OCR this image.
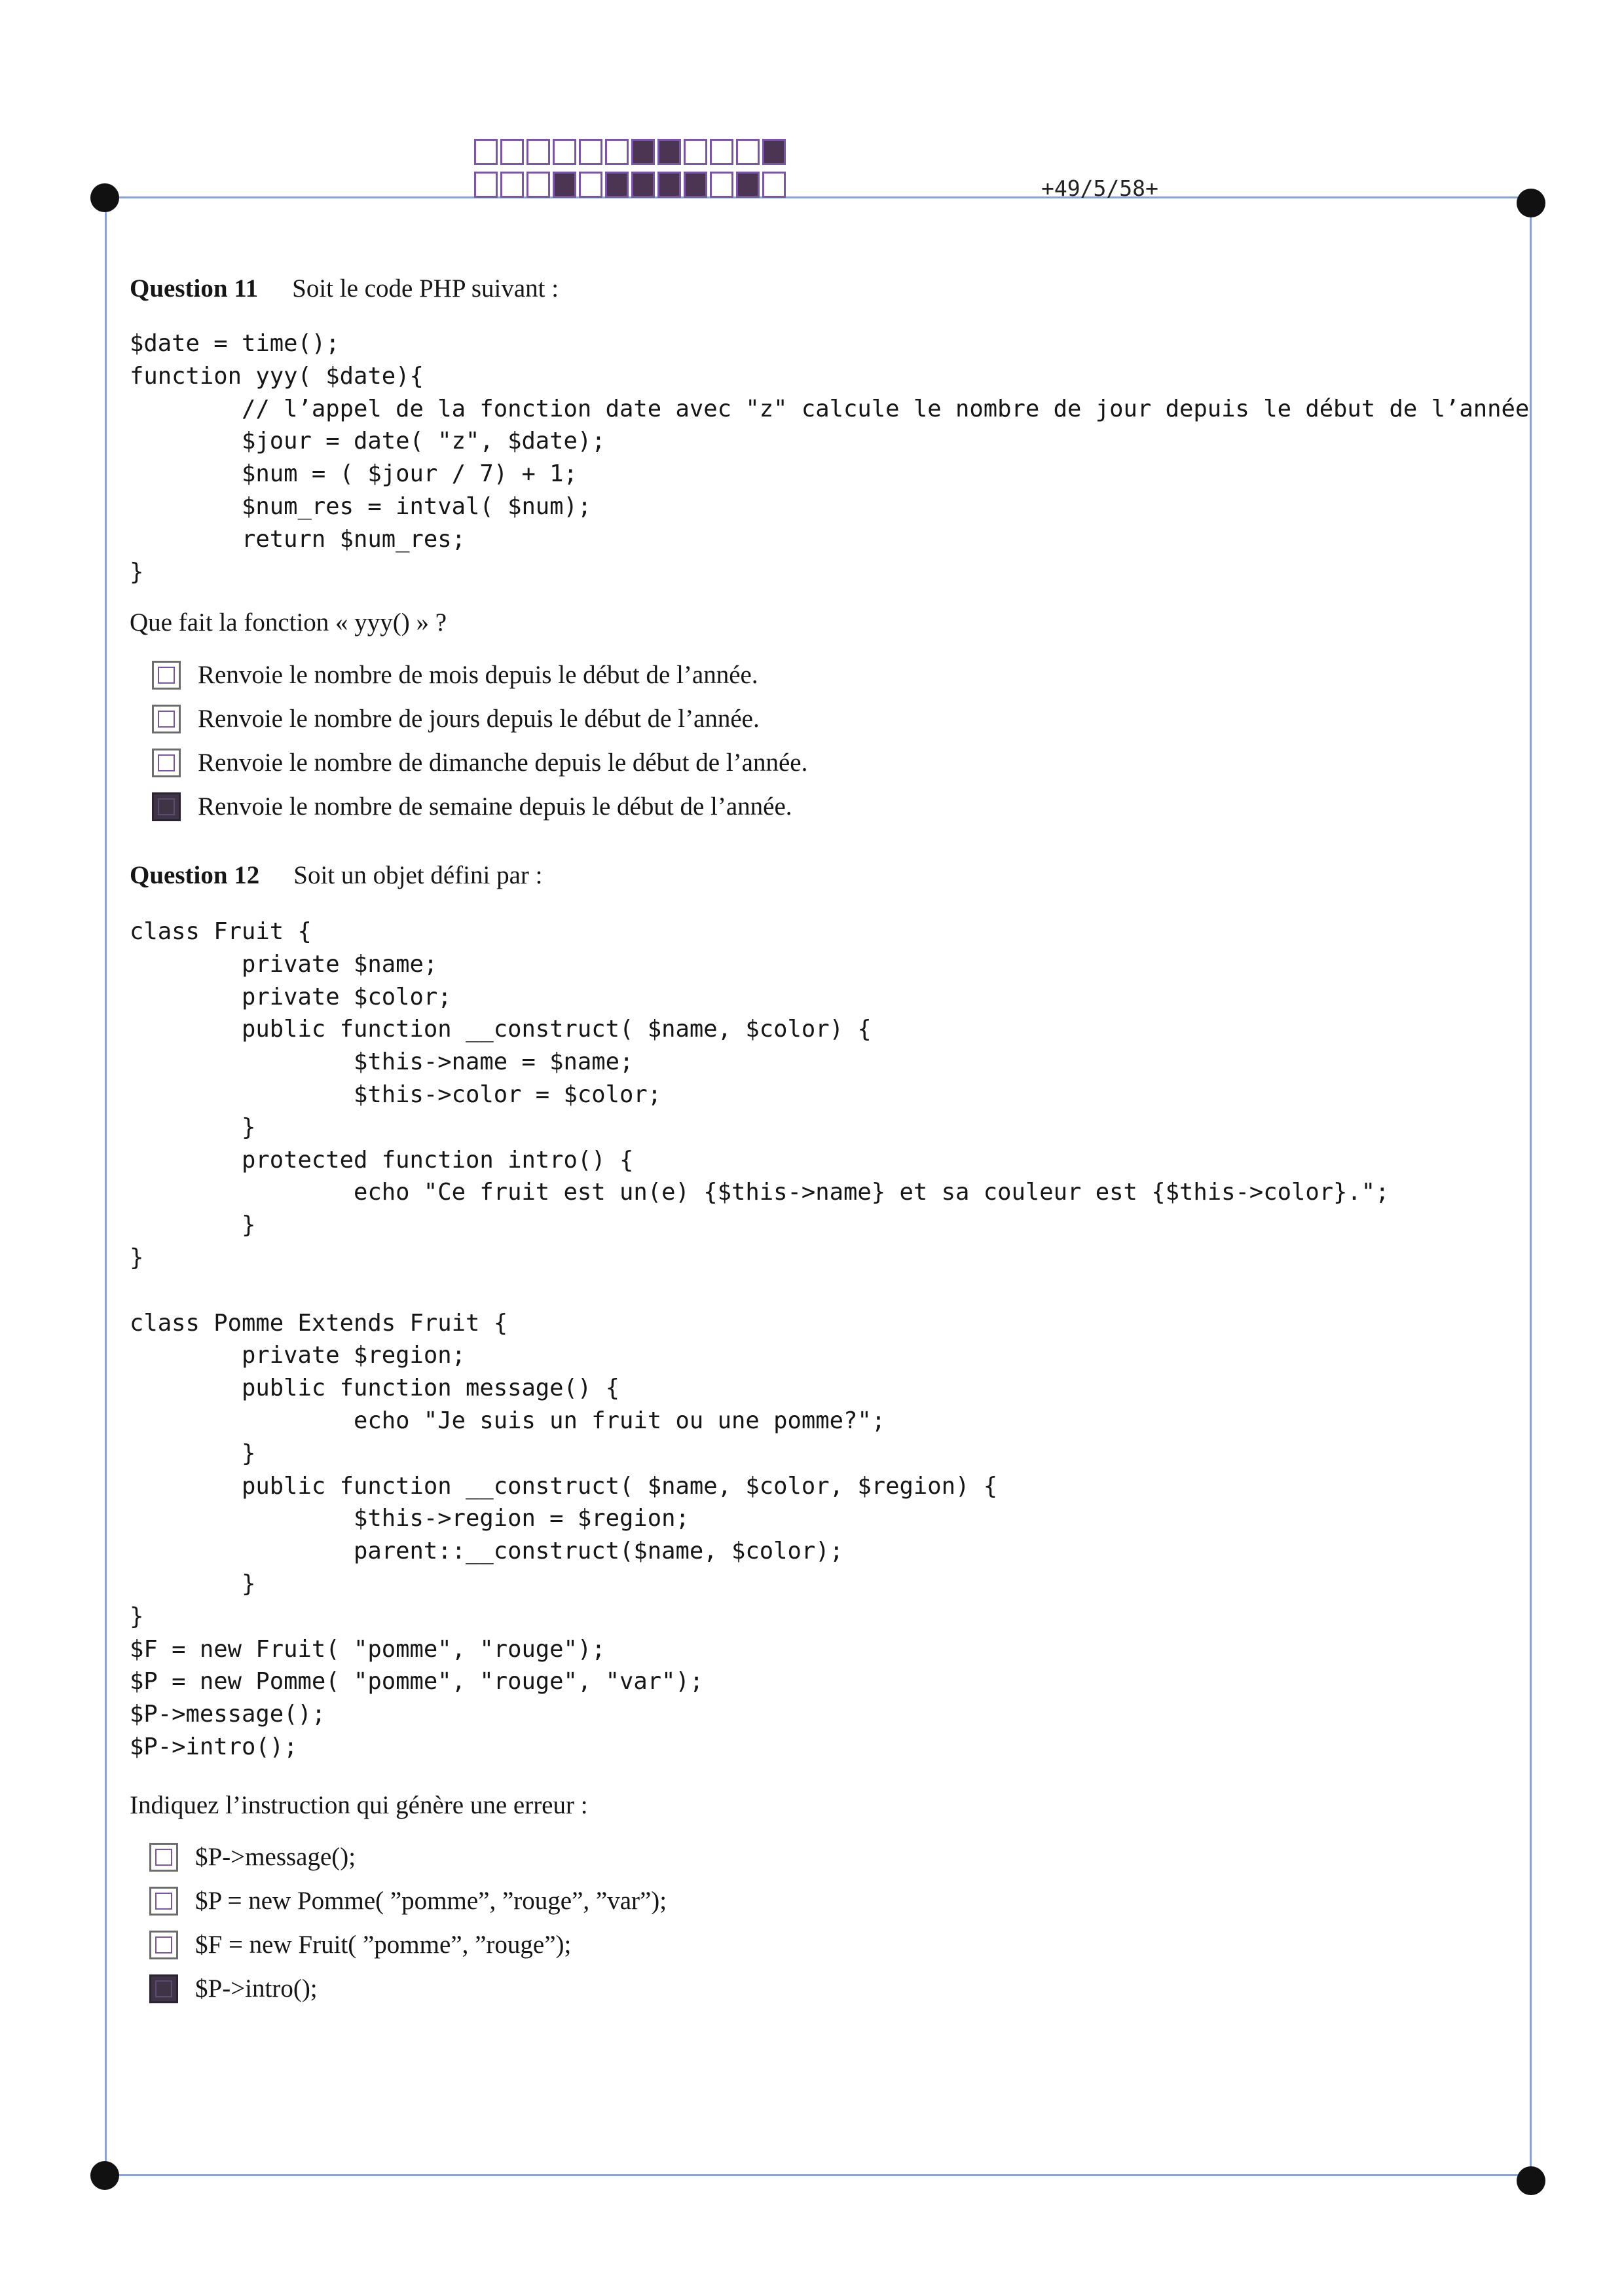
+49/5/58+
Question 11 Soit le code PHP suivant :
$date = time();
function yyy( $date){
// l’appel de la fonction date avec "z" calcule le nombre de jour depuis le début de l’année
$jour = date( "z", $date);
$num = ( $jour / 7) + 1;
$num_res = intval( $num);
return $num_res;
}
Que fait la fonction « yyy() » ?
Renvoie le nombre de mois depuis le début de l’année.
Renvoie le nombre de jours depuis le début de l’année.
Renvoie le nombre de dimanche depuis le début de l’année.
Renvoie le nombre de semaine depuis le début de l’année.
Question 12 Soit un objet défini par :
class Fruit {
private $name;
private $color;
public function __construct( $name, $color) {
$this->name = $name;
$this->color = $color;
}
protected function intro() {
echo "Ce fruit est un(e) {$this->name} et sa couleur est {$this->color}.";
}
}

class Pomme Extends Fruit {
private $region;
public function message() {
echo "Je suis un fruit ou une pomme?";
}
public function __construct( $name, $color, $region) {
$this->region = $region;
parent::__construct($name, $color);
}
}
$F = new Fruit( "pomme", "rouge");
$P = new Pomme( "pomme", "rouge", "var");
$P->message();
$P->intro();
Indiquez l’instruction qui génère une erreur :
$P->message();
$P = new Pomme( ”pomme”, ”rouge”, ”var”);
$F = new Fruit( ”pomme”, ”rouge”);
$P->intro();
